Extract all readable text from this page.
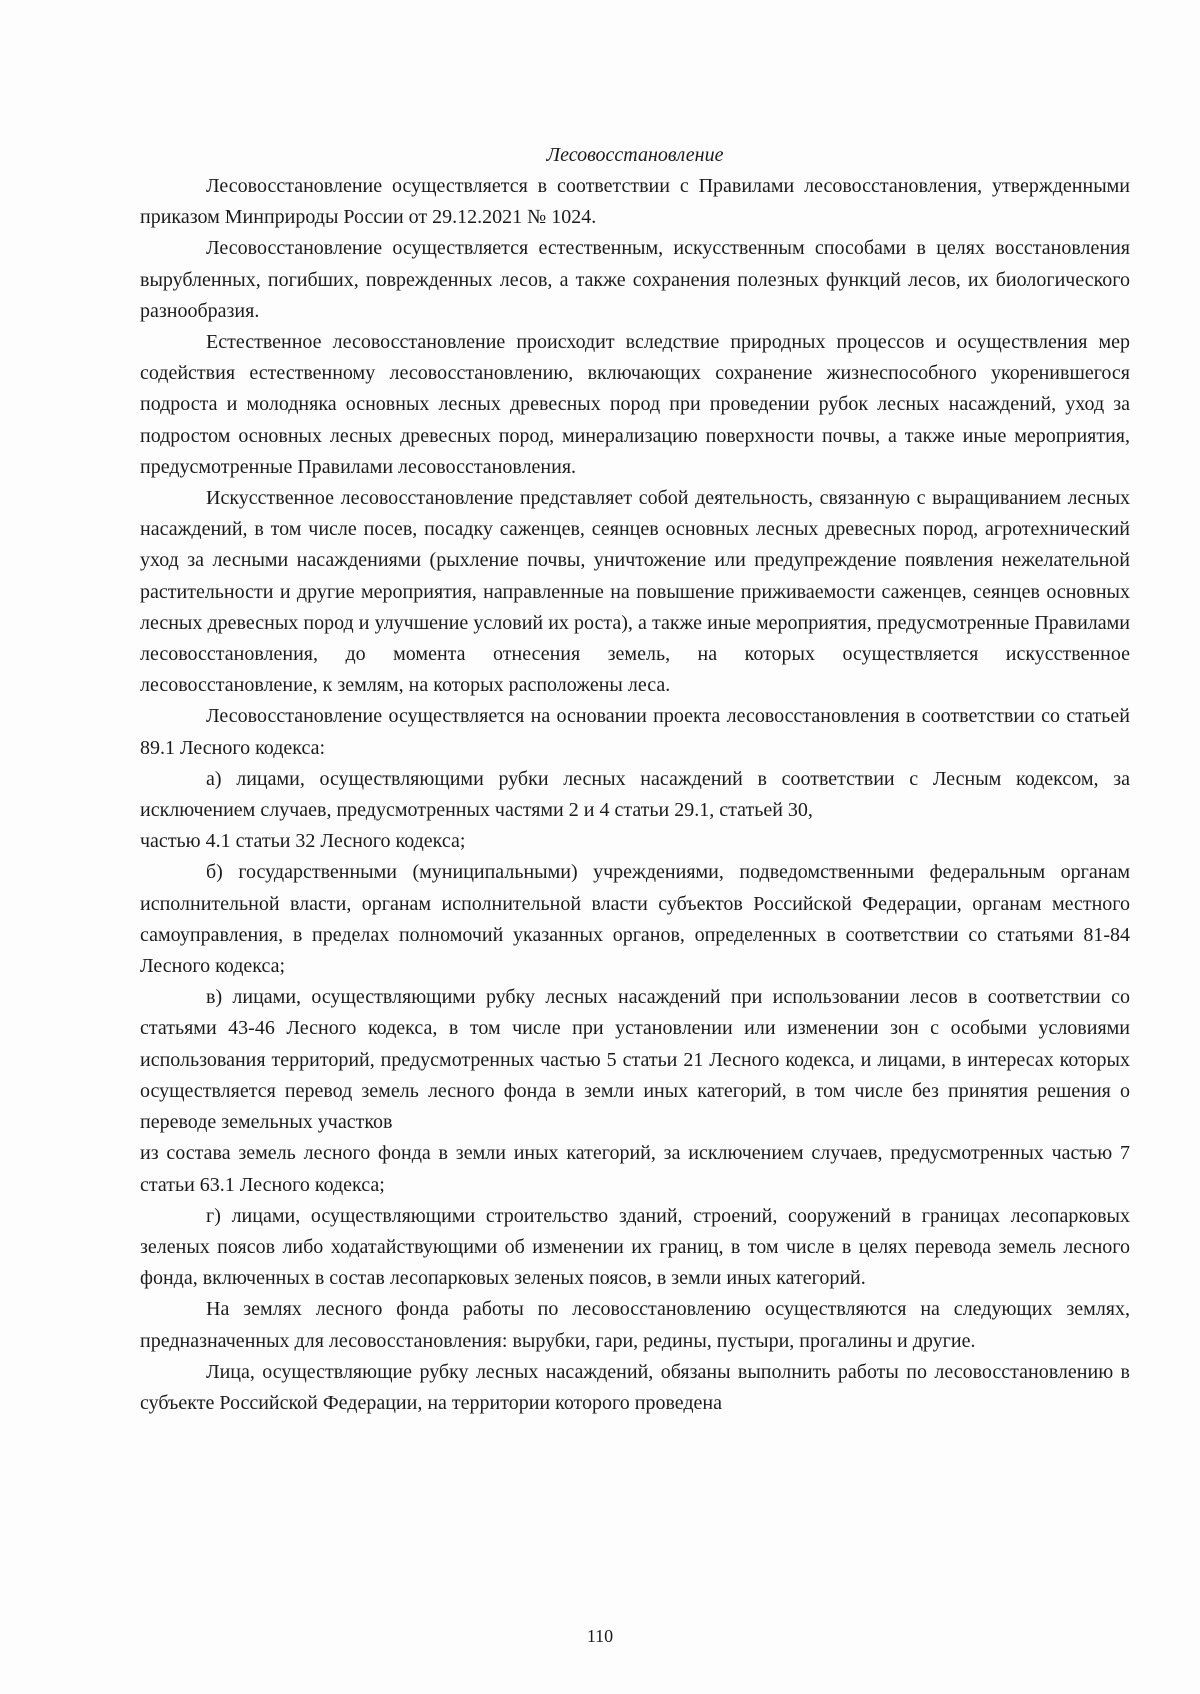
Лесовосстановление

Лесовосстановление осуществляется в соответствии с Правилами лесовосстановления, утвержденными приказом Минприроды России от 29.12.2021 № 1024.

Лесовосстановление осуществляется естественным, искусственным способами в целях восстановления вырубленных, погибших, поврежденных лесов, а также сохранения полезных функций лесов, их биологического разнообразия.

Естественное лесовосстановление происходит вследствие природных процессов и осуществления мер содействия естественному лесовосстановлению, включающих сохранение жизнеспособного укоренившегося подроста и молодняка основных лесных древесных пород при проведении рубок лесных насаждений, уход за подростом основных лесных древесных пород, минерализацию поверхности почвы, а также иные мероприятия, предусмотренные Правилами лесовосстановления.

Искусственное лесовосстановление представляет собой деятельность, связанную с выращиванием лесных насаждений, в том числе посев, посадку саженцев, сеянцев основных лесных древесных пород, агротехнический уход за лесными насаждениями (рыхление почвы, уничтожение или предупреждение появления нежелательной растительности и другие мероприятия, направленные на повышение приживаемости саженцев, сеянцев основных лесных древесных пород и улучшение условий их роста), а также иные мероприятия, предусмотренные Правилами лесовосстановления, до момента отнесения земель, на которых осуществляется искусственное лесовосстановление, к землям, на которых расположены леса.

Лесовосстановление осуществляется на основании проекта лесовосстановления в соответствии со статьей 89.1 Лесного кодекса:

а) лицами, осуществляющими рубки лесных насаждений в соответствии с Лесным кодексом, за исключением случаев, предусмотренных частями 2 и 4 статьи 29.1, статьей 30,
частью 4.1 статьи 32 Лесного кодекса;

б) государственными (муниципальными) учреждениями, подведомственными федеральным органам исполнительной власти, органам исполнительной власти субъектов Российской Федерации, органам местного самоуправления, в пределах полномочий указанных органов, определенных в соответствии со статьями 81-84 Лесного кодекса;

в) лицами, осуществляющими рубку лесных насаждений при использовании лесов в соответствии со статьями 43-46 Лесного кодекса, в том числе при установлении или изменении зон с особыми условиями использования территорий, предусмотренных частью 5 статьи 21 Лесного кодекса, и лицами, в интересах которых осуществляется перевод земель лесного фонда в земли иных категорий, в том числе без принятия решения о переводе земельных участков
из состава земель лесного фонда в земли иных категорий, за исключением случаев, предусмотренных частью 7 статьи 63.1 Лесного кодекса;

г) лицами, осуществляющими строительство зданий, строений, сооружений в границах лесопарковых зеленых поясов либо ходатайствующими об изменении их границ, в том числе в целях перевода земель лесного фонда, включенных в состав лесопарковых зеленых поясов, в земли иных категорий.

На землях лесного фонда работы по лесовосстановлению осуществляются на следующих землях, предназначенных для лесовосстановления: вырубки, гари, редины, пустыри, прогалины и другие.

Лица, осуществляющие рубку лесных насаждений, обязаны выполнить работы по лесовосстановлению в субъекте Российской Федерации, на территории которого проведена

110
